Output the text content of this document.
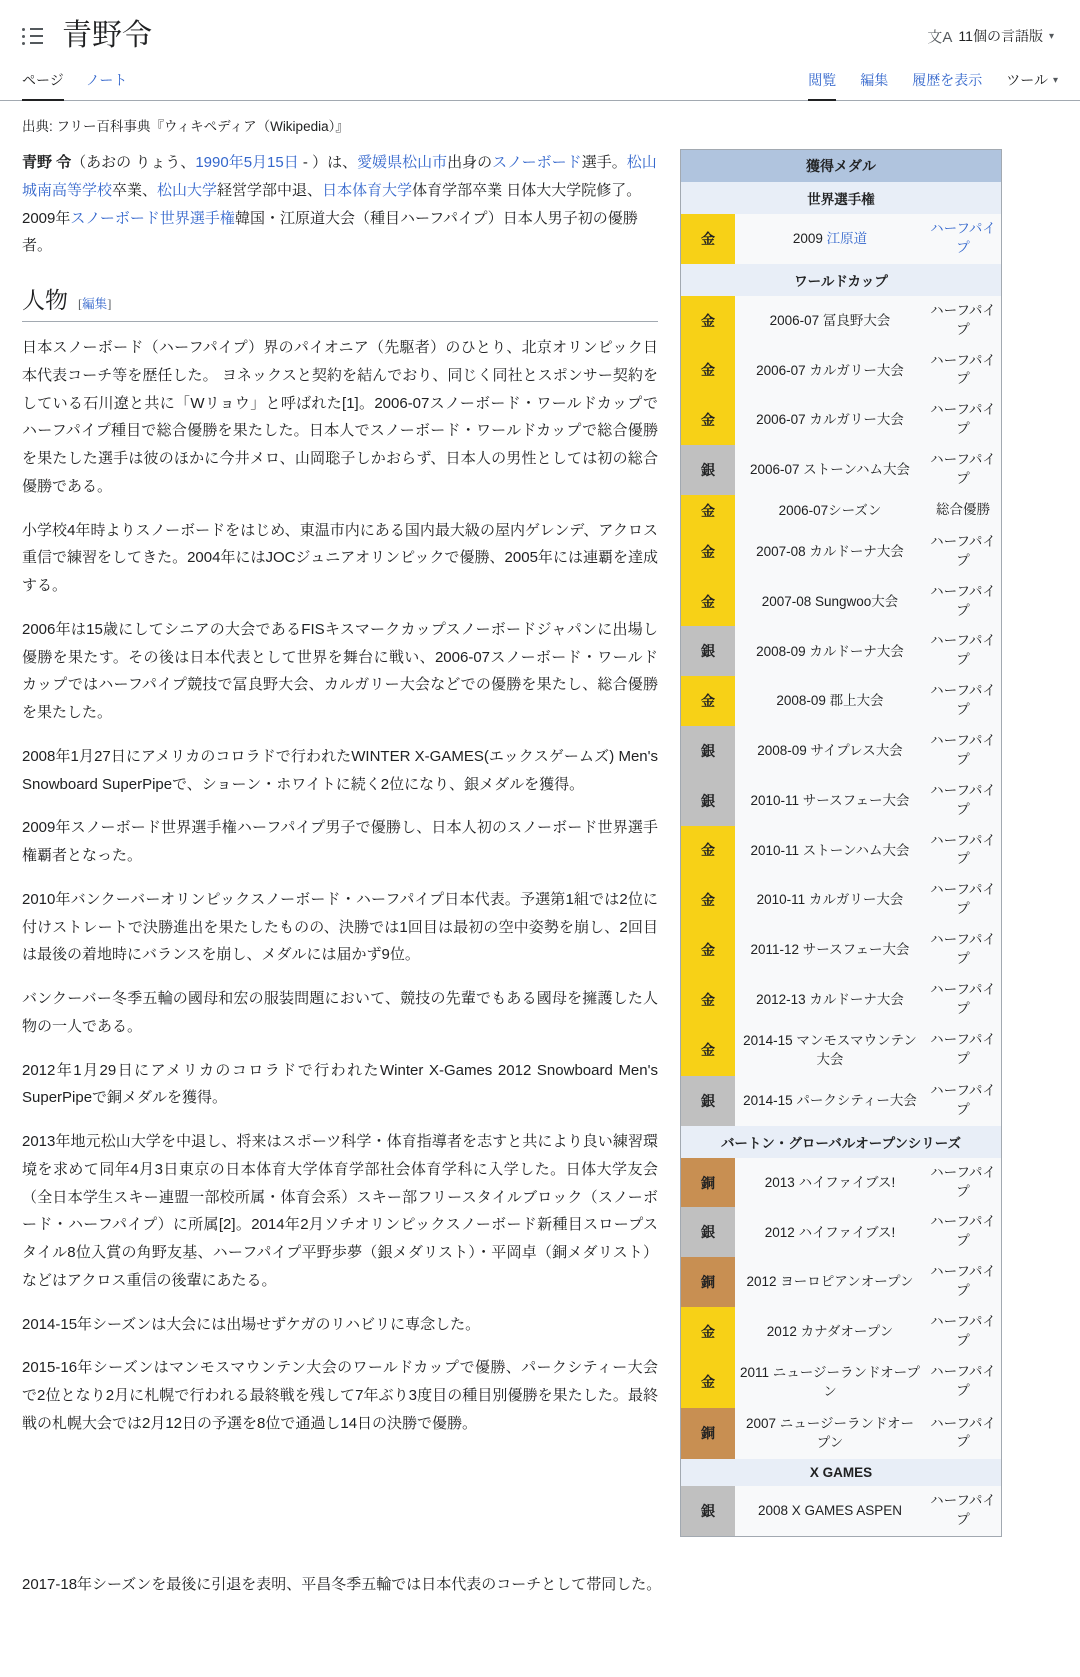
青野令	文A 11個の言語版 ▾
ページ ノート	閲覧 編集 履歴を表示 ツール ▾
出典: フリー百科事典『ウィキペディア（Wikipedia）』

青野 令（あおの りょう、1990年5月15日 - ）は、愛媛県松山市出身のスノーボード選手。松山城南高等学校卒業、松山大学経営学部中退、日本体育大学体育学部卒業 日体大大学院修了。2009年スノーボード世界選手権韓国・江原道大会（種目ハーフパイプ）日本人男子初の優勝者。

人物 [編集]

日本スノーボード（ハーフパイプ）界のパイオニア（先駆者）のひとり、北京オリンピック日本代表コーチ等を歴任した。 ヨネックスと契約を結んでおり、同じく同社とスポンサー契約をしている石川遼と共に「Wリョウ」と呼ばれた[1]。2006-07スノーボード・ワールドカップでハーフパイプ種目で総合優勝を果たした。日本人でスノーボード・ワールドカップで総合優勝を果たした選手は彼のほかに今井メロ、山岡聡子しかおらず、日本人の男性としては初の総合優勝である。

小学校4年時よりスノーボードをはじめ、東温市内にある国内最大級の屋内ゲレンデ、アクロス重信で練習をしてきた。2004年にはJOCジュニアオリンピックで優勝、2005年には連覇を達成する。

2006年は15歳にしてシニアの大会であるFISキスマークカップスノーボードジャパンに出場し優勝を果たす。その後は日本代表として世界を舞台に戦い、2006-07スノーボード・ワールドカップではハーフパイプ競技で冨良野大会、カルガリー大会などでの優勝を果たし、総合優勝を果たした。

2008年1月27日にアメリカのコロラドで行われたWINTER X-GAMES(エックスゲームズ) Men's Snowboard SuperPipeで、ショーン・ホワイトに続く2位になり、銀メダルを獲得。

2009年スノーボード世界選手権ハーフパイプ男子で優勝し、日本人初のスノーボード世界選手権覇者となった。

2010年バンクーバーオリンピックスノーボード・ハーフパイプ日本代表。予選第1組では2位に付けストレートで決勝進出を果たしたものの、決勝では1回目は最初の空中姿勢を崩し、2回目は最後の着地時にバランスを崩し、メダルには届かず9位。

バンクーバー冬季五輪の國母和宏の服装問題において、競技の先輩でもある國母を擁護した人物の一人である。

2012年1月29日にアメリカのコロラドで行われたWinter X-Games 2012 Snowboard Men's SuperPipeで銅メダルを獲得。

2013年地元松山大学を中退し、将来はスポーツ科学・体育指導者を志すと共により良い練習環境を求めて同年4月3日東京の日本体育大学体育学部社会体育学科に入学した。日体大学友会（全日本学生スキー連盟一部校所属・体育会系）スキー部フリースタイルブロック（スノーボード・ハーフパイプ）に所属[2]。2014年2月ソチオリンピックスノーボード新種目スロープスタイル8位入賞の角野友基、ハーフパイプ平野歩夢（銀メダリスト）・平岡卓（銅メダリスト）などはアクロス重信の後輩にあたる。

2014-15年シーズンは大会には出場せずケガのリハビリに専念した。

2015-16年シーズンはマンモスマウンテン大会のワールドカップで優勝、パークシティー大会で2位となり2月に札幌で行われる最終戦を残して7年ぶり3度目の種目別優勝を果たした。最終戦の札幌大会では2月12日の予選を8位で通過し14日の決勝で優勝。

獲得メダル
世界選手権		
金	2009 江原道	ハーフパイプ
ワールドカップ		
金	2006-07 冨良野大会	ハーフパイプ
金	2006-07 カルガリー大会	ハーフパイプ
金	2006-07 カルガリー大会	ハーフパイプ
銀	2006-07 ストーンハム大会	ハーフパイプ
金	2006-07シーズン	総合優勝
金	2007-08 カルドーナ大会	ハーフパイプ
金	2007-08 Sungwoo大会	ハーフパイプ
銀	2008-09 カルドーナ大会	ハーフパイプ
金	2008-09 郡上大会	ハーフパイプ
銀	2008-09 サイプレス大会	ハーフパイプ
銀	2010-11 サースフェー大会	ハーフパイプ
金	2010-11 ストーンハム大会	ハーフパイプ
金	2010-11 カルガリー大会	ハーフパイプ
金	2011-12 サースフェー大会	ハーフパイプ
金	2012-13 カルドーナ大会	ハーフパイプ
金	2014-15 マンモスマウンテン大会	ハーフパイプ
銀	2014-15 パークシティー大会	ハーフパイプ
バートン・グローバルオープンシリーズ		
銅	2013 ハイファイブス!	ハーフパイプ
銀	2012 ハイファイブス!	ハーフパイプ
銅	2012 ヨーロピアンオープン	ハーフパイプ
金	2012 カナダオープン	ハーフパイプ
金	2011 ニュージーランドオープン	ハーフパイプ
銅	2007 ニュージーランドオープン	ハーフパイプ
X GAMES		
銀	2008 X GAMES ASPEN	ハーフパイプ

2017-18年シーズンを最後に引退を表明、平昌冬季五輪では日本代表のコーチとして帯同した。
